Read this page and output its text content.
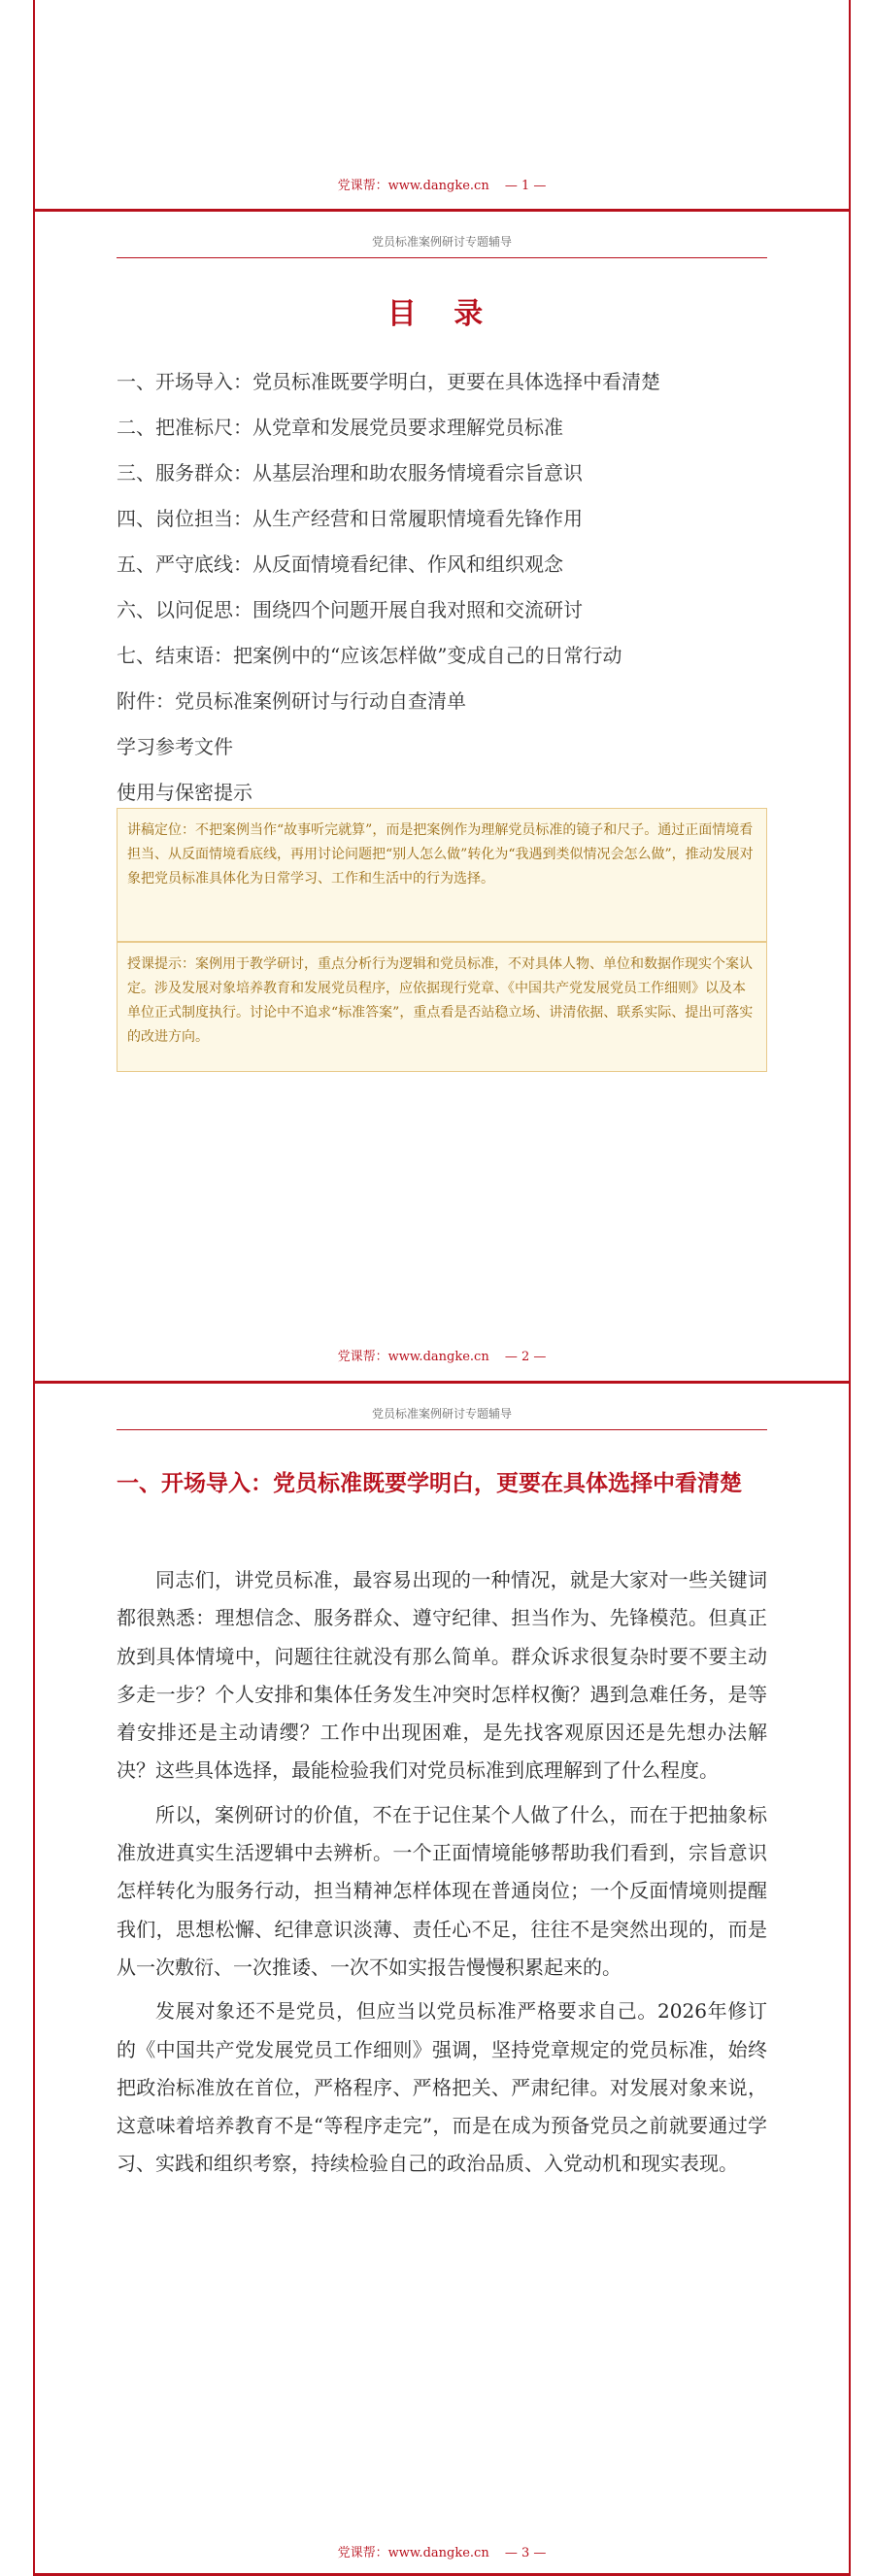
党课帮：www.dangke.cn — 1 —
党员标准案例研讨专题辅导
目 录
一、开场导入：党员标准既要学明白，更要在具体选择中看清楚
二、把准标尺：从党章和发展党员要求理解党员标准
三、服务群众：从基层治理和助农服务情境看宗旨意识
四、岗位担当：从生产经营和日常履职情境看先锋作用
五、严守底线：从反面情境看纪律、作风和组织观念
六、以问促思：围绕四个问题开展自我对照和交流研讨
七、结束语：把案例中的“应该怎样做”变成自己的日常行动
附件：党员标准案例研讨与行动自查清单
学习参考文件
使用与保密提示
讲稿定位：不把案例当作“故事听完就算”，而是把案例作为理解党员标准的镜子和尺子。通过正面情境看担当、从反面情境看底线，再用讨论问题把“别人怎么做”转化为“我遇到类似情况会怎么做”，推动发展对象把党员标准具体化为日常学习、工作和生活中的行为选择。
授课提示：案例用于教学研讨，重点分析行为逻辑和党员标准，不对具体人物、单位和数据作现实个案认定。涉及发展对象培养教育和发展党员程序，应依据现行党章、《中国共产党发展党员工作细则》以及本单位正式制度执行。讨论中不追求“标准答案”，重点看是否站稳立场、讲清依据、联系实际、提出可落实的改进方向。
党课帮：www.dangke.cn — 2 —
党员标准案例研讨专题辅导
一、开场导入：党员标准既要学明白，更要在具体选择中看清楚

同志们，讲党员标准，最容易出现的一种情况，就是大家对一些关键词都很熟悉：理想信念、服务群众、遵守纪律、担当作为、先锋模范。但真正放到具体情境中，问题往往就没有那么简单。群众诉求很复杂时要不要主动多走一步？个人安排和集体任务发生冲突时怎样权衡？遇到急难任务，是等着安排还是主动请缨？工作中出现困难，是先找客观原因还是先想办法解决？这些具体选择，最能检验我们对党员标准到底理解到了什么程度。

所以，案例研讨的价值，不在于记住某个人做了什么，而在于把抽象标准放进真实生活逻辑中去辨析。一个正面情境能够帮助我们看到，宗旨意识怎样转化为服务行动，担当精神怎样体现在普通岗位；一个反面情境则提醒我们，思想松懈、纪律意识淡薄、责任心不足，往往不是突然出现的，而是从一次敷衍、一次推诿、一次不如实报告慢慢积累起来的。

发展对象还不是党员，但应当以党员标准严格要求自己。2026年修订的《中国共产党发展党员工作细则》强调，坚持党章规定的党员标准，始终把政治标准放在首位，严格程序、严格把关、严肃纪律。对发展对象来说，这意味着培养教育不是“等程序走完”，而是在成为预备党员之前就要通过学习、实践和组织考察，持续检验自己的政治品质、入党动机和现实表现。

党课帮：www.dangke.cn — 3 —
